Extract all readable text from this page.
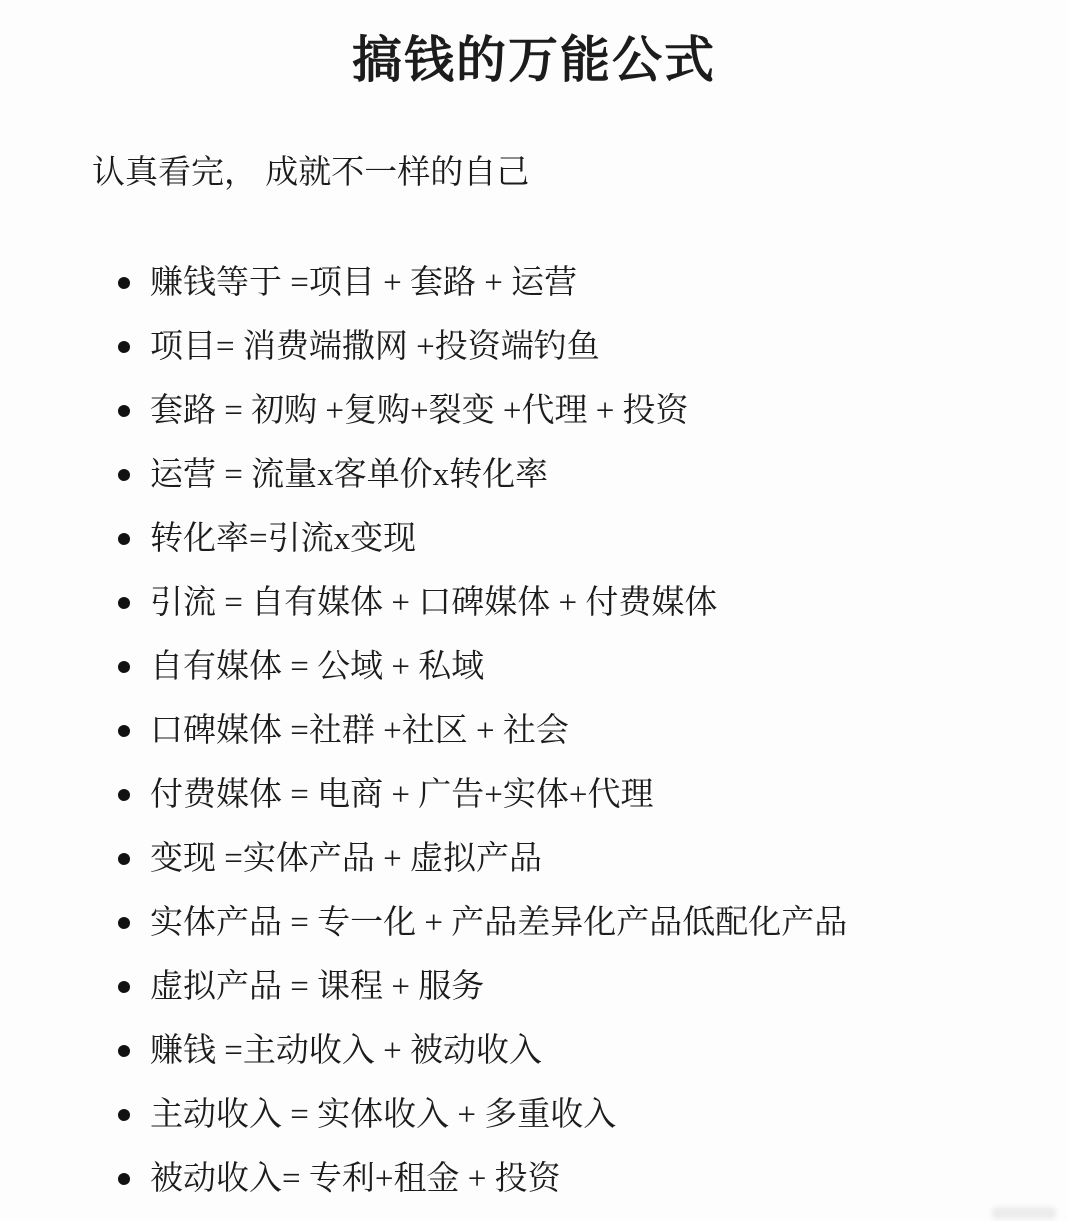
搞钱的万能公式

认真看完， 成就不一样的自己

赚钱等于 =项目 + 套路 + 运营
项目= 消费端撒网 +投资端钓鱼
套路 = 初购 +复购+裂变 +代理 + 投资
运营 = 流量x客单价x转化率
转化率=引流x变现
引流 = 自有媒体 + 口碑媒体 + 付费媒体
自有媒体 = 公域 + 私域
口碑媒体 =社群 +社区 + 社会
付费媒体 = 电商 + 广告+实体+代理
变现 =实体产品 + 虚拟产品
实体产品 = 专一化 + 产品差异化产品低配化产品
虚拟产品 = 课程 + 服务
赚钱 =主动收入 + 被动收入
主动收入 = 实体收入 + 多重收入
被动收入= 专利+租金 + 投资
